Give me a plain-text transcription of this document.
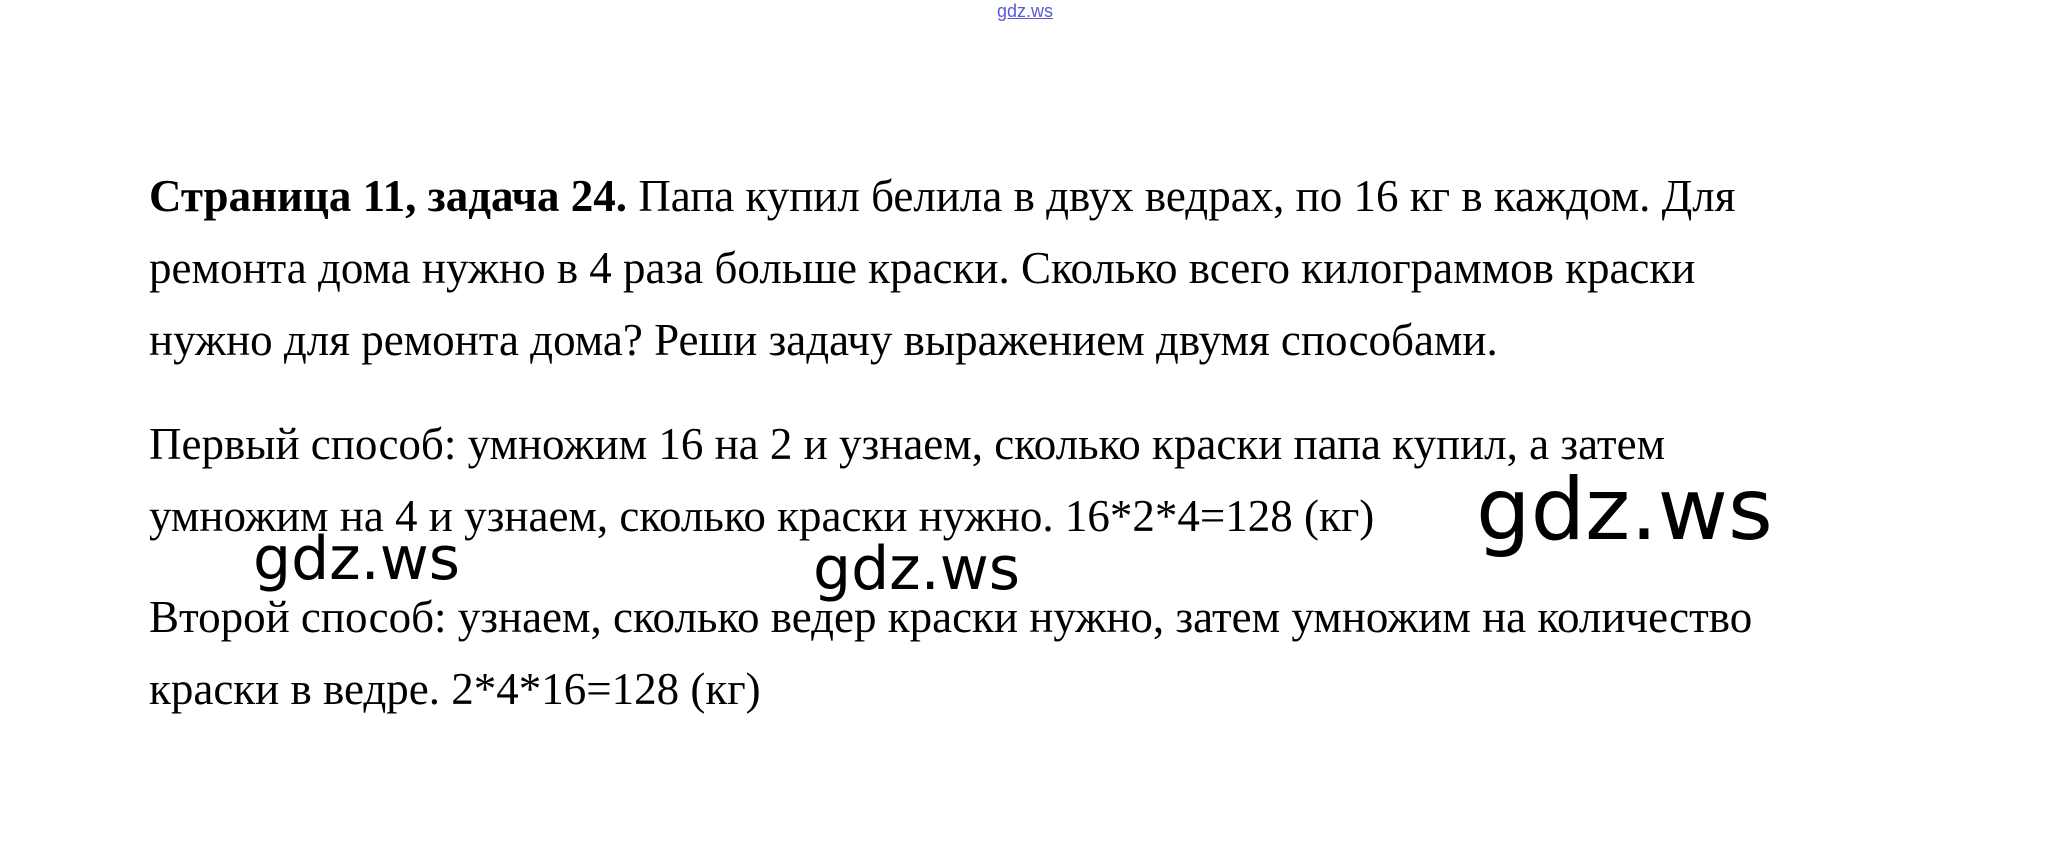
gdz.ws

Страница 11, задача 24. Папа купил белила в двух ведрах, по 16 кг в каждом. Для
ремонта дома нужно в 4 раза больше краски. Сколько всего килограммов краски
нужно для ремонта дома? Реши задачу выражением двумя способами.

Первый способ: умножим 16 на 2 и узнаем, сколько краски папа купил, а затем
умножим на 4 и узнаем, сколько краски нужно. 16*2*4=128 (кг)

Второй способ: узнаем, сколько ведер краски нужно, затем умножим на количество
краски в ведре. 2*4*16=128 (кг)

gdz.ws
gdz.ws	gdz.ws
